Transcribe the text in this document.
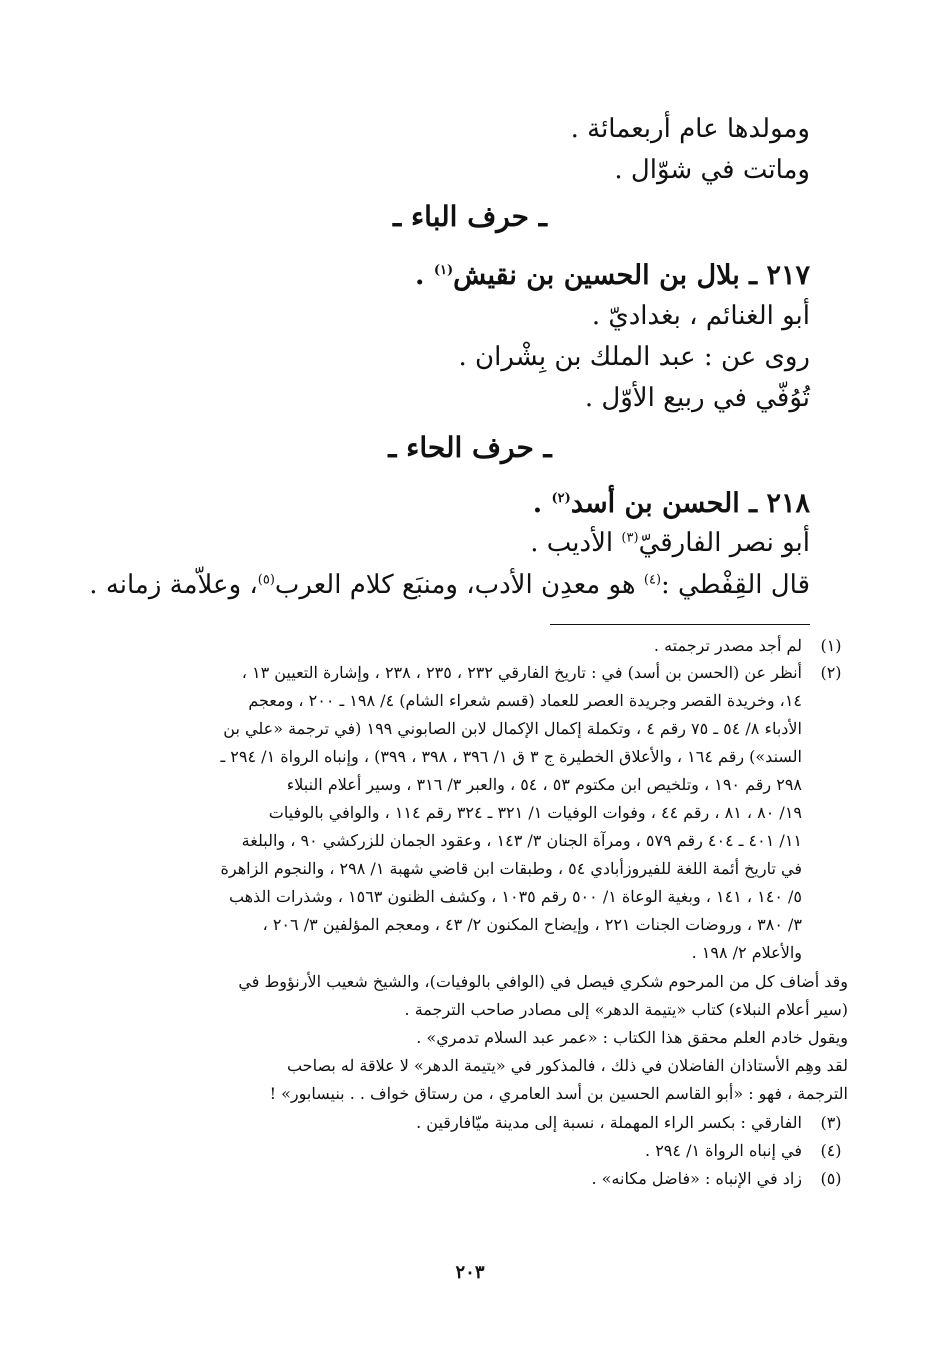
ومولدها عام أربعمائة .
وماتت في شوّال .
ـ حرف الباء ـ
٢١٧ ـ بلال بن الحسين بن نقيش$^{(١)}$ .
أبو الغنائم ، بغداديّ .
روى عن : عبد الملك بن بِشْران .
تُوُفّي في ربيع الأوّل .
ـ حرف الحاء ـ
٢١٨ ـ الحسن بن أسد$^{(٢)}$ .
أبو نصر الفارقيّ$^{(٣)}$ الأديب .
قال القِفْطي :$^{(٤)}$ هو معدِن الأدب، ومنبَع كلام العرب$^{(٥)}$، وعلاّمة زمانه .
(١)
لم أجد مصدر ترجمته .
(٢)
أنظر عن (الحسن بن أسد) في : تاريخ الفارقي ٢٣٢ ، ٢٣٥ ، ٢٣٨ ، وإشارة التعيين ١٣ ،
١٤، وخريدة القصر وجريدة العصر للعماد (قسم شعراء الشام) ٤/ ١٩٨ ـ ٢٠٠ ، ومعجم
الأدباء ٨/ ٥٤ ـ ٧٥ رقم ٤ ، وتكملة إكمال الإكمال لابن الصابوني ١٩٩ (في ترجمة «علي بن
السند») رقم ١٦٤ ، والأعلاق الخطيرة ج ٣ ق ١/ ٣٩٦ ، ٣٩٨ ، ٣٩٩) ، وإنباه الرواة ١/ ٢٩٤ ـ
٢٩٨ رقم ١٩٠ ، وتلخيص ابن مكتوم ٥٣ ، ٥٤ ، والعبر ٣/ ٣١٦ ، وسير أعلام النبلاء
١٩/ ٨٠ ، ٨١ ، رقم ٤٤ ، وفوات الوفيات ١/ ٣٢١ ـ ٣٢٤ رقم ١١٤ ، والوافي بالوفيات
١١/ ٤٠١ ـ ٤٠٤ رقم ٥٧٩ ، ومرآة الجنان ٣/ ١٤٣ ، وعقود الجمان للزركشي ٩٠ ، والبلغة
في تاريخ أئمة اللغة للفيروزأبادي ٥٤ ، وطبقات ابن قاضي شهبة ١/ ٢٩٨ ، والنجوم الزاهرة
٥/ ١٤٠ ، ١٤١ ، وبغية الوعاة ١/ ٥٠٠ رقم ١٠٣٥ ، وكشف الظنون ١٥٦٣ ، وشذرات الذهب
٣/ ٣٨٠ ، وروضات الجنات ٢٢١ ، وإيضاح المكنون ٢/ ٤٣ ، ومعجم المؤلفين ٣/ ٢٠٦ ،
والأعلام ٢/ ١٩٨ .
وقد أضاف كل من المرحوم شكري فيصل في (الوافي بالوفيات)، والشيخ شعيب الأرنؤوط في
(سير أعلام النبلاء) كتاب «يتيمة الدهر» إلى مصادر صاحب الترجمة .
ويقول خادم العلم محقق هذا الكتاب : «عمر عبد السلام تدمري» .
لقد وهِم الأستاذان الفاضلان في ذلك ، فالمذكور في «يتيمة الدهر» لا علاقة له بصاحب
الترجمة ، فهو : «أبو القاسم الحسين بن أسد العامري ، من رستاق خواف . . بنيسابور» !
(٣)
الفارقي : بكسر الراء المهملة ، نسبة إلى مدينة ميّافارقين .
(٤)
في إنباه الرواة ١/ ٢٩٤ .
(٥)
زاد في الإنباه : «فاضل مكانه» .
٢٠٣
